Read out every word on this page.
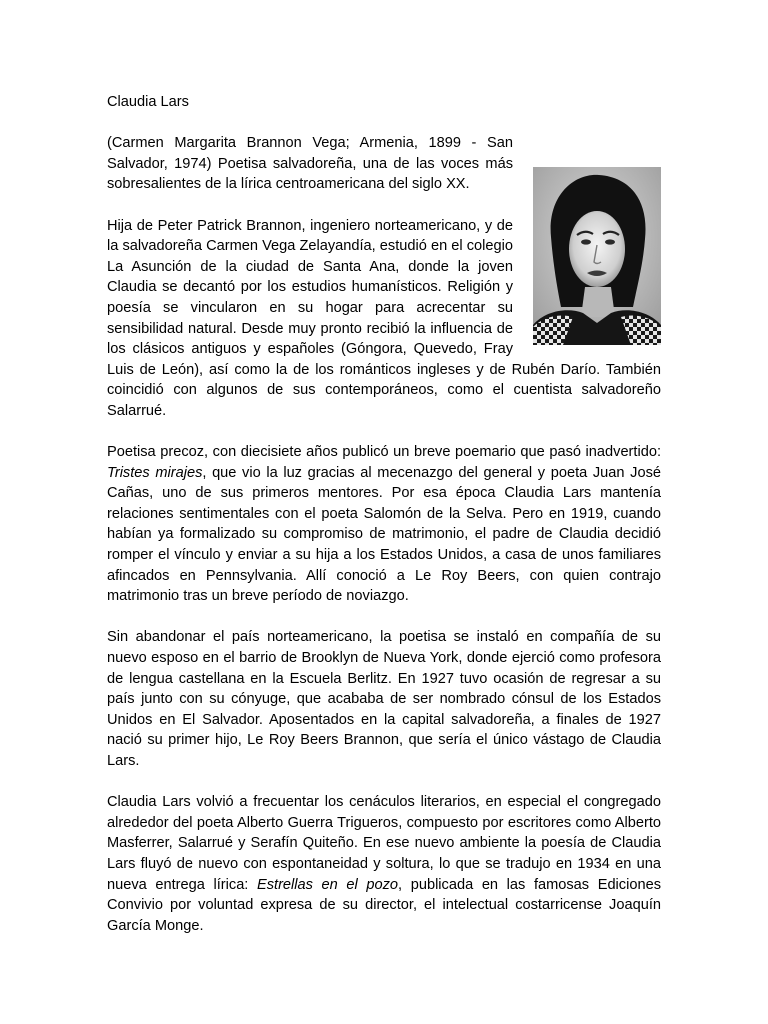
Claudia Lars

(Carmen Margarita Brannon Vega; Armenia, 1899 - San Salvador, 1974) Poetisa salvadoreña, una de las voces más sobresalientes de la lírica centroamericana del siglo XX.

Hija de Peter Patrick Brannon, ingeniero norteamericano, y de la salvadoreña Carmen Vega Zelayandía, estudió en el colegio La Asunción de la ciudad de Santa Ana, donde la joven Claudia se decantó por los estudios humanísticos. Religión y poesía se vincularon en su hogar para acrecentar su sensibilidad natural. Desde muy pronto recibió la influencia de los clásicos antiguos y españoles (Góngora, Quevedo, Fray Luis de León), así como la de los románticos ingleses y de Rubén Darío. También coincidió con algunos de sus contemporáneos, como el cuentista salvadoreño Salarrué.

Poetisa precoz, con diecisiete años publicó un breve poemario que pasó inadvertido: Tristes mirajes, que vio la luz gracias al mecenazgo del general y poeta Juan José Cañas, uno de sus primeros mentores. Por esa época Claudia Lars mantenía relaciones sentimentales con el poeta Salomón de la Selva. Pero en 1919, cuando habían ya formalizado su compromiso de matrimonio, el padre de Claudia decidió romper el vínculo y enviar a su hija a los Estados Unidos, a casa de unos familiares afincados en Pennsylvania. Allí conoció a Le Roy Beers, con quien contrajo matrimonio tras un breve período de noviazgo.

Sin abandonar el país norteamericano, la poetisa se instaló en compañía de su nuevo esposo en el barrio de Brooklyn de Nueva York, donde ejerció como profesora de lengua castellana en la Escuela Berlitz. En 1927 tuvo ocasión de regresar a su país junto con su cónyuge, que acababa de ser nombrado cónsul de los Estados Unidos en El Salvador. Aposentados en la capital salvadoreña, a finales de 1927 nació su primer hijo, Le Roy Beers Brannon, que sería el único vástago de Claudia Lars.

Claudia Lars volvió a frecuentar los cenáculos literarios, en especial el congregado alrededor del poeta Alberto Guerra Trigueros, compuesto por escritores como Alberto Masferrer, Salarrué y Serafín Quiteño. En ese nuevo ambiente la poesía de Claudia Lars fluyó de nuevo con espontaneidad y soltura, lo que se tradujo en 1934 en una nueva entrega lírica: Estrellas en el pozo, publicada en las famosas Ediciones Convivio por voluntad expresa de su director, el intelectual costarricense Joaquín García Monge.
